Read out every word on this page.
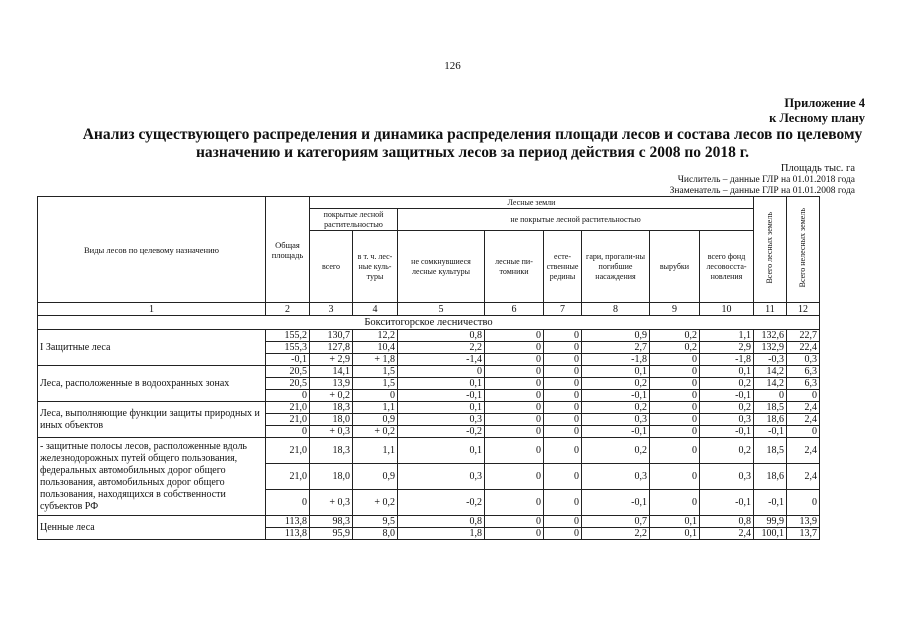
126
Приложение 4
к Лесному плану
Анализ существующего распределения и динамика распределения площади лесов и состава лесов по целевому назначению и категориям защитных лесов за период действия с 2008 по 2018 г.
Площадь тыс. га
Числитель – данные ГЛР на 01.01.2018 года
Знаменатель – данные ГЛР на 01.01.2008 года
Виды лесов по целевому назначению	Общая площадь	Лесные земли								Всего лесных земель	Всего нелесных земель
		покрытые лесной растительностью		не покрытые лесной растительностью							
		всего	в т. ч. лес-ные куль-туры	не сомкнувшиеся лесные культуры	лесные пи-томники	есте-ственные редины	гари, прогали-ны погибшие насаждения	вырубки	всего фонд лесовосста-новления		
1	2	3	4	5	6	7	8	9	10	11	12
Бокситогорское лесничество											
I Защитные леса	155,2	130,7	12,2	0,8	0	0	0,9	0,2	1,1	132,6	22,7
	155,3	127,8	10,4	2,2	0	0	2,7	0,2	2,9	132,9	22,4
	-0,1	+ 2,9	+ 1,8	-1,4	0	0	-1,8	0	-1,8	-0,3	0,3
Леса, расположенные в водоохранных зонах	20,5	14,1	1,5	0	0	0	0,1	0	0,1	14,2	6,3
	20,5	13,9	1,5	0,1	0	0	0,2	0	0,2	14,2	6,3
	0	+ 0,2	0	-0,1	0	0	-0,1	0	-0,1	0	0
Леса, выполняющие функции защиты природных и иных объектов	21,0	18,3	1,1	0,1	0	0	0,2	0	0,2	18,5	2,4
	21,0	18,0	0,9	0,3	0	0	0,3	0	0,3	18,6	2,4
	0	+ 0,3	+ 0,2	-0,2	0	0	-0,1	0	-0,1	-0,1	0
- защитные полосы лесов, расположенные вдоль железнодорожных путей общего пользования, федеральных автомобильных дорог общего пользования, автомобильных дорог общего пользования, находящихся в собственности субъектов РФ	21,0	18,3	1,1	0,1	0	0	0,2	0	0,2	18,5	2,4
	21,0	18,0	0,9	0,3	0	0	0,3	0	0,3	18,6	2,4
	0	+ 0,3	+ 0,2	-0,2	0	0	-0,1	0	-0,1	-0,1	0
Ценные леса	113,8	98,3	9,5	0,8	0	0	0,7	0,1	0,8	99,9	13,9
	113,8	95,9	8,0	1,8	0	0	2,2	0,1	2,4	100,1	13,7
